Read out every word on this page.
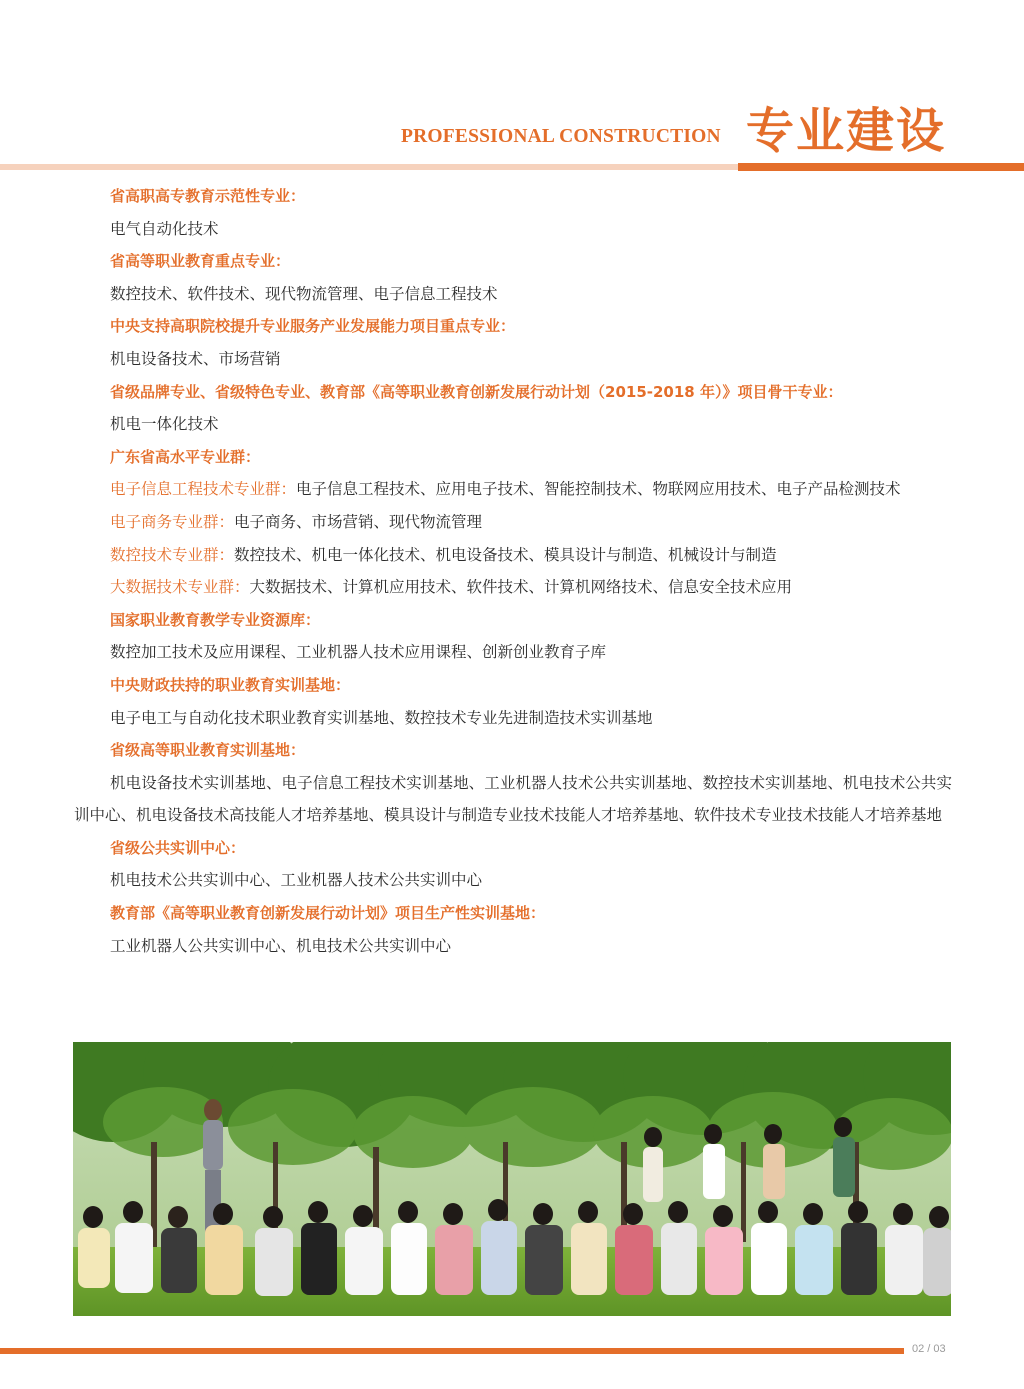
PROFESSIONAL CONSTRUCTION 专业建设
省高职高专教育示范性专业：
电气自动化技术
省高等职业教育重点专业：
数控技术、软件技术、现代物流管理、电子信息工程技术
中央支持高职院校提升专业服务产业发展能力项目重点专业：
机电设备技术、市场营销
省级品牌专业、省级特色专业、教育部《高等职业教育创新发展行动计划（2015-2018 年）》项目骨干专业：
机电一体化技术
广东省高水平专业群：
电子信息工程技术专业群：电子信息工程技术、应用电子技术、智能控制技术、物联网应用技术、电子产品检测技术
电子商务专业群：电子商务、市场营销、现代物流管理
数控技术专业群：数控技术、机电一体化技术、机电设备技术、模具设计与制造、机械设计与制造
大数据技术专业群：大数据技术、计算机应用技术、软件技术、计算机网络技术、信息安全技术应用
国家职业教育教学专业资源库：
数控加工技术及应用课程、工业机器人技术应用课程、创新创业教育子库
中央财政扶持的职业教育实训基地：
电子电工与自动化技术职业教育实训基地、数控技术专业先进制造技术实训基地
省级高等职业教育实训基地：
机电设备技术实训基地、电子信息工程技术实训基地、工业机器人技术公共实训基地、数控技术实训基地、机电技术公共实训中心、机电设备技术高技能人才培养基地、模具设计与制造专业技术技能人才培养基地、软件技术专业技术技能人才培养基地
省级公共实训中心：
机电技术公共实训中心、工业机器人技术公共实训中心
教育部《高等职业教育创新发展行动计划》项目生产性实训基地：
工业机器人公共实训中心、机电技术公共实训中心
02 / 03
